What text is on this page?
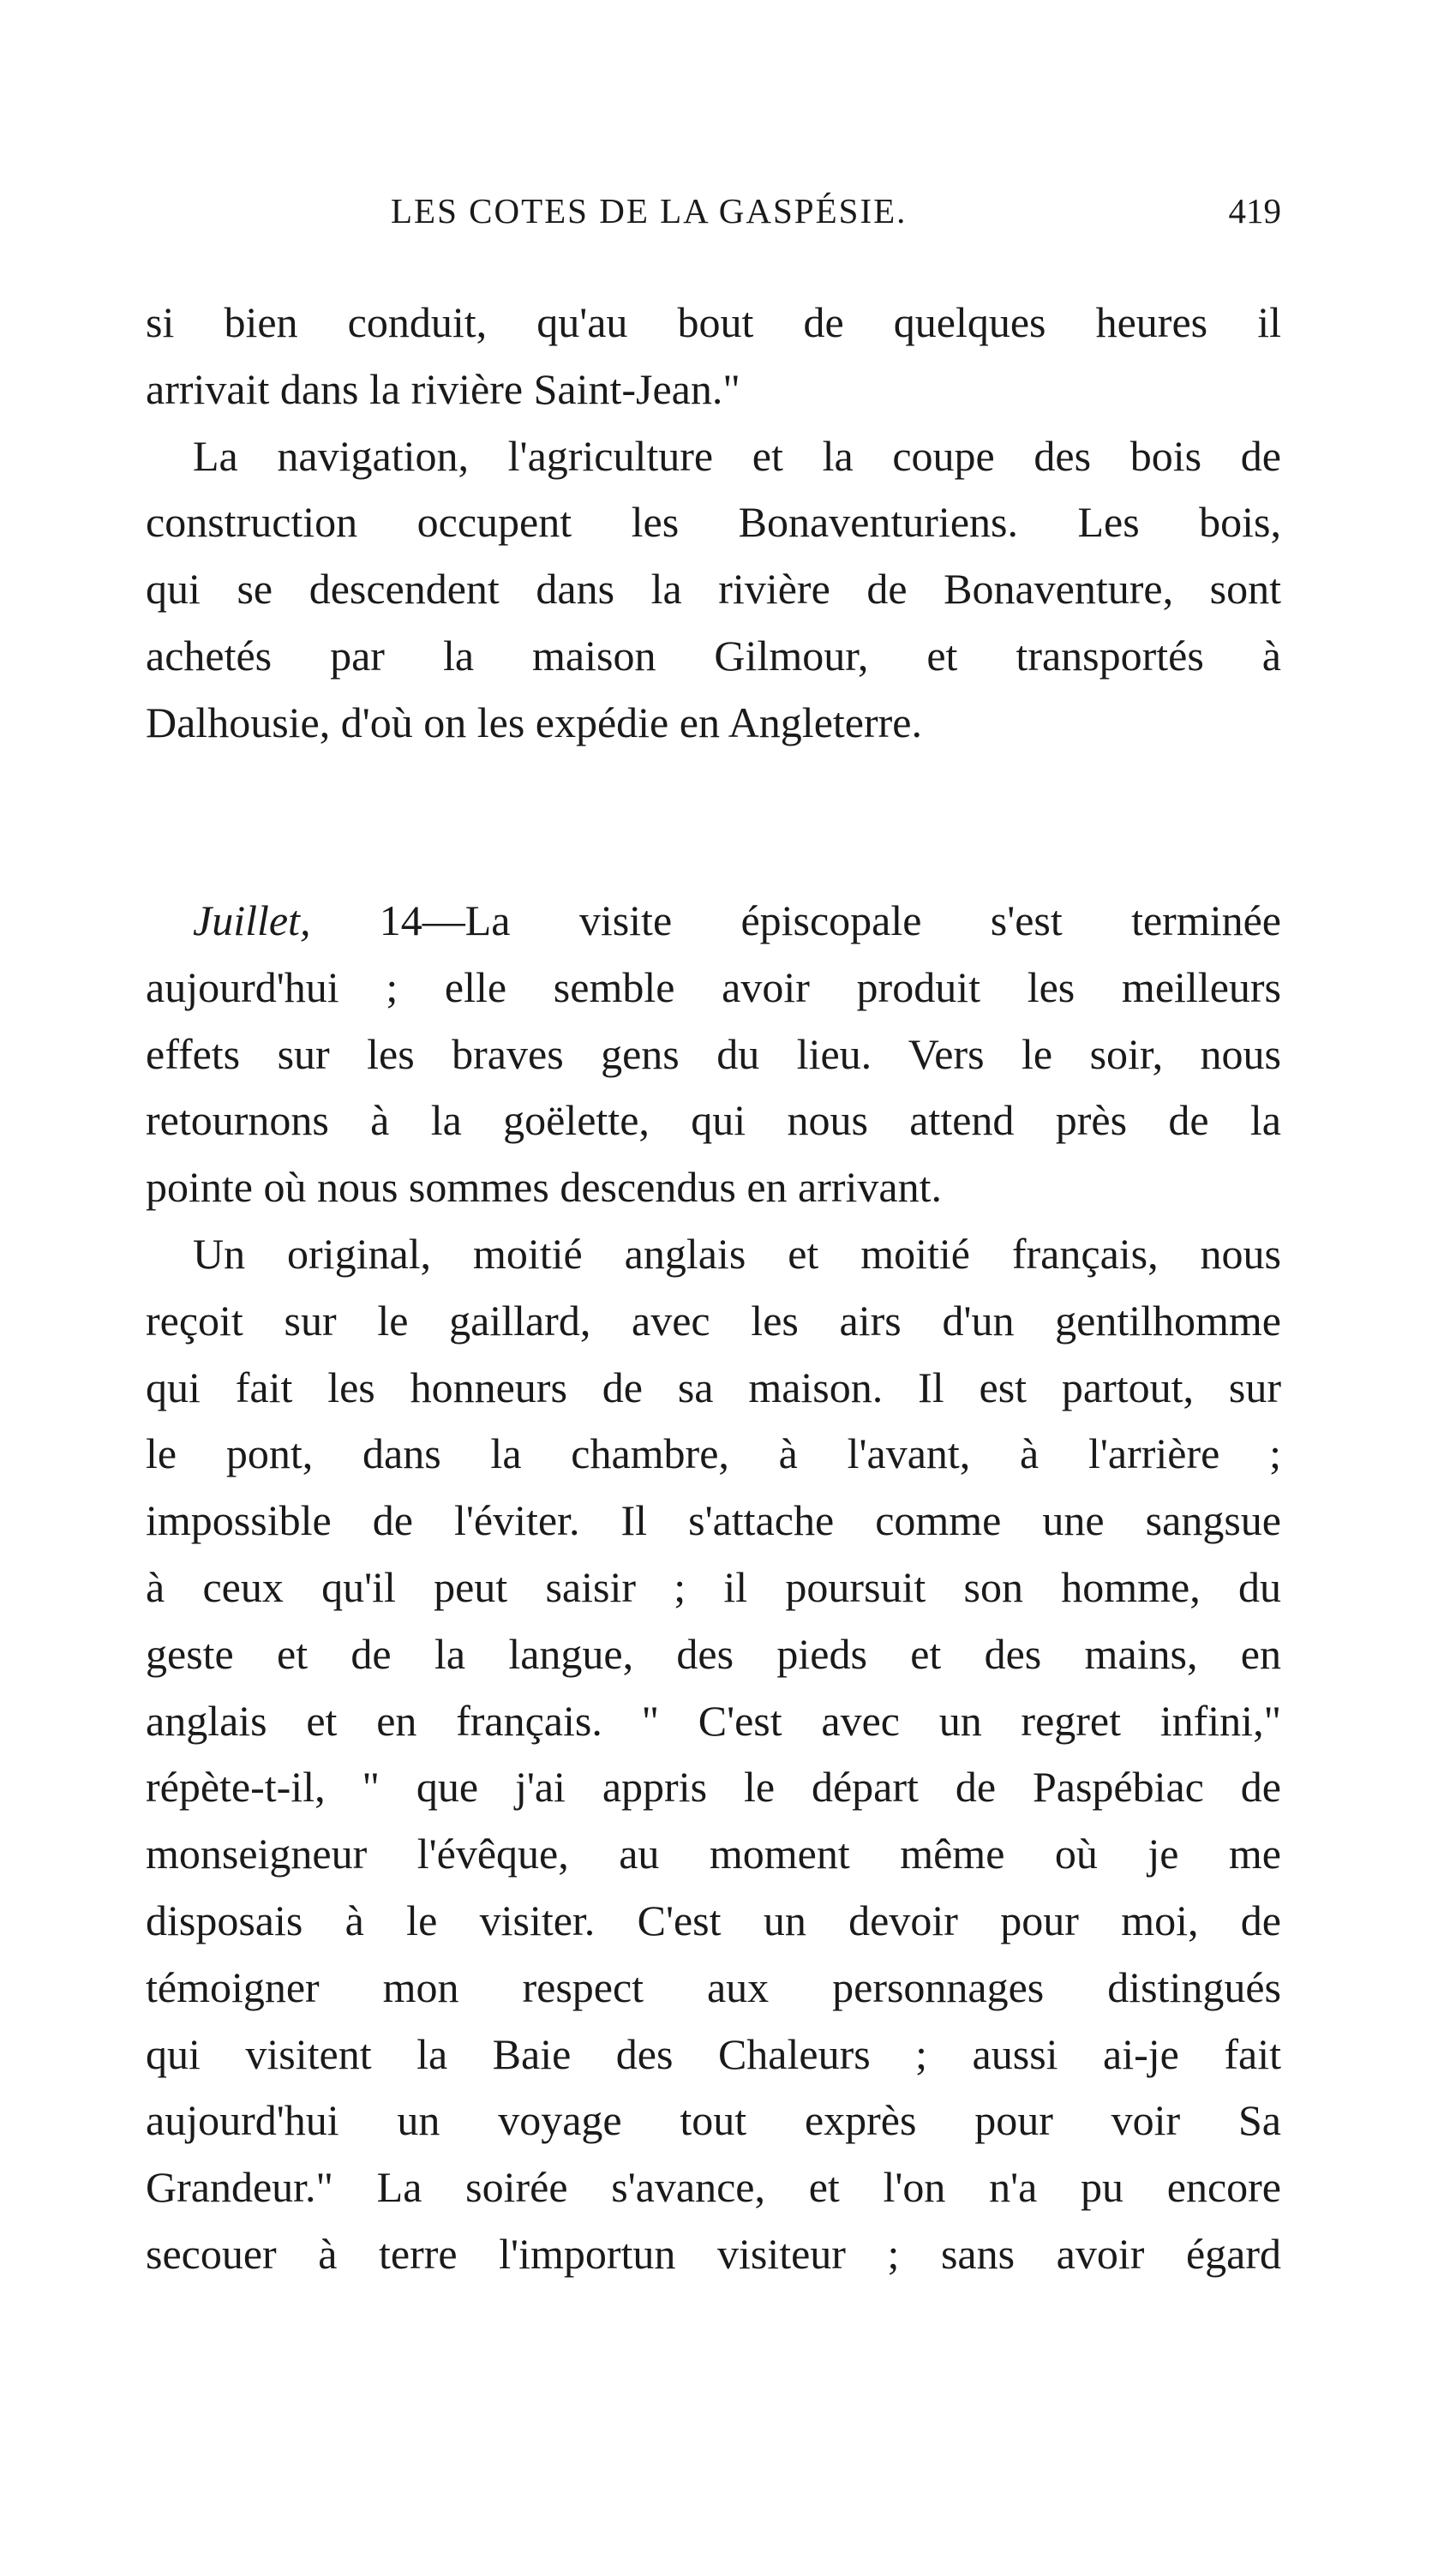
LES COTES DE LA GASPÉSIE.	419
si bien conduit, qu'au bout de quelques heures il
arrivait dans la rivière Saint-Jean."
La navigation, l'agriculture et la coupe des bois de
construction occupent les Bonaventuriens. Les bois,
qui se descendent dans la rivière de Bonaventure, sont
achetés par la maison Gilmour, et transportés à
Dalhousie, d'où on les expédie en Angleterre.
Juillet, 14—La visite épiscopale s'est terminée
aujourd'hui ; elle semble avoir produit les meilleurs
effets sur les braves gens du lieu. Vers le soir, nous
retournons à la goëlette, qui nous attend près de la
pointe où nous sommes descendus en arrivant.
Un original, moitié anglais et moitié français, nous
reçoit sur le gaillard, avec les airs d'un gentilhomme
qui fait les honneurs de sa maison. Il est partout, sur
le pont, dans la chambre, à l'avant, à l'arrière ;
impossible de l'éviter. Il s'attache comme une sangsue
à ceux qu'il peut saisir ; il poursuit son homme, du
geste et de la langue, des pieds et des mains, en
anglais et en français. " C'est avec un regret infini,"
répète-t-il, " que j'ai appris le départ de Paspébiac de
monseigneur l'évêque, au moment même où je me
disposais à le visiter. C'est un devoir pour moi, de
témoigner mon respect aux personnages distingués
qui visitent la Baie des Chaleurs ; aussi ai-je fait
aujourd'hui un voyage tout exprès pour voir Sa
Grandeur." La soirée s'avance, et l'on n'a pu encore
secouer à terre l'importun visiteur ; sans avoir égard
